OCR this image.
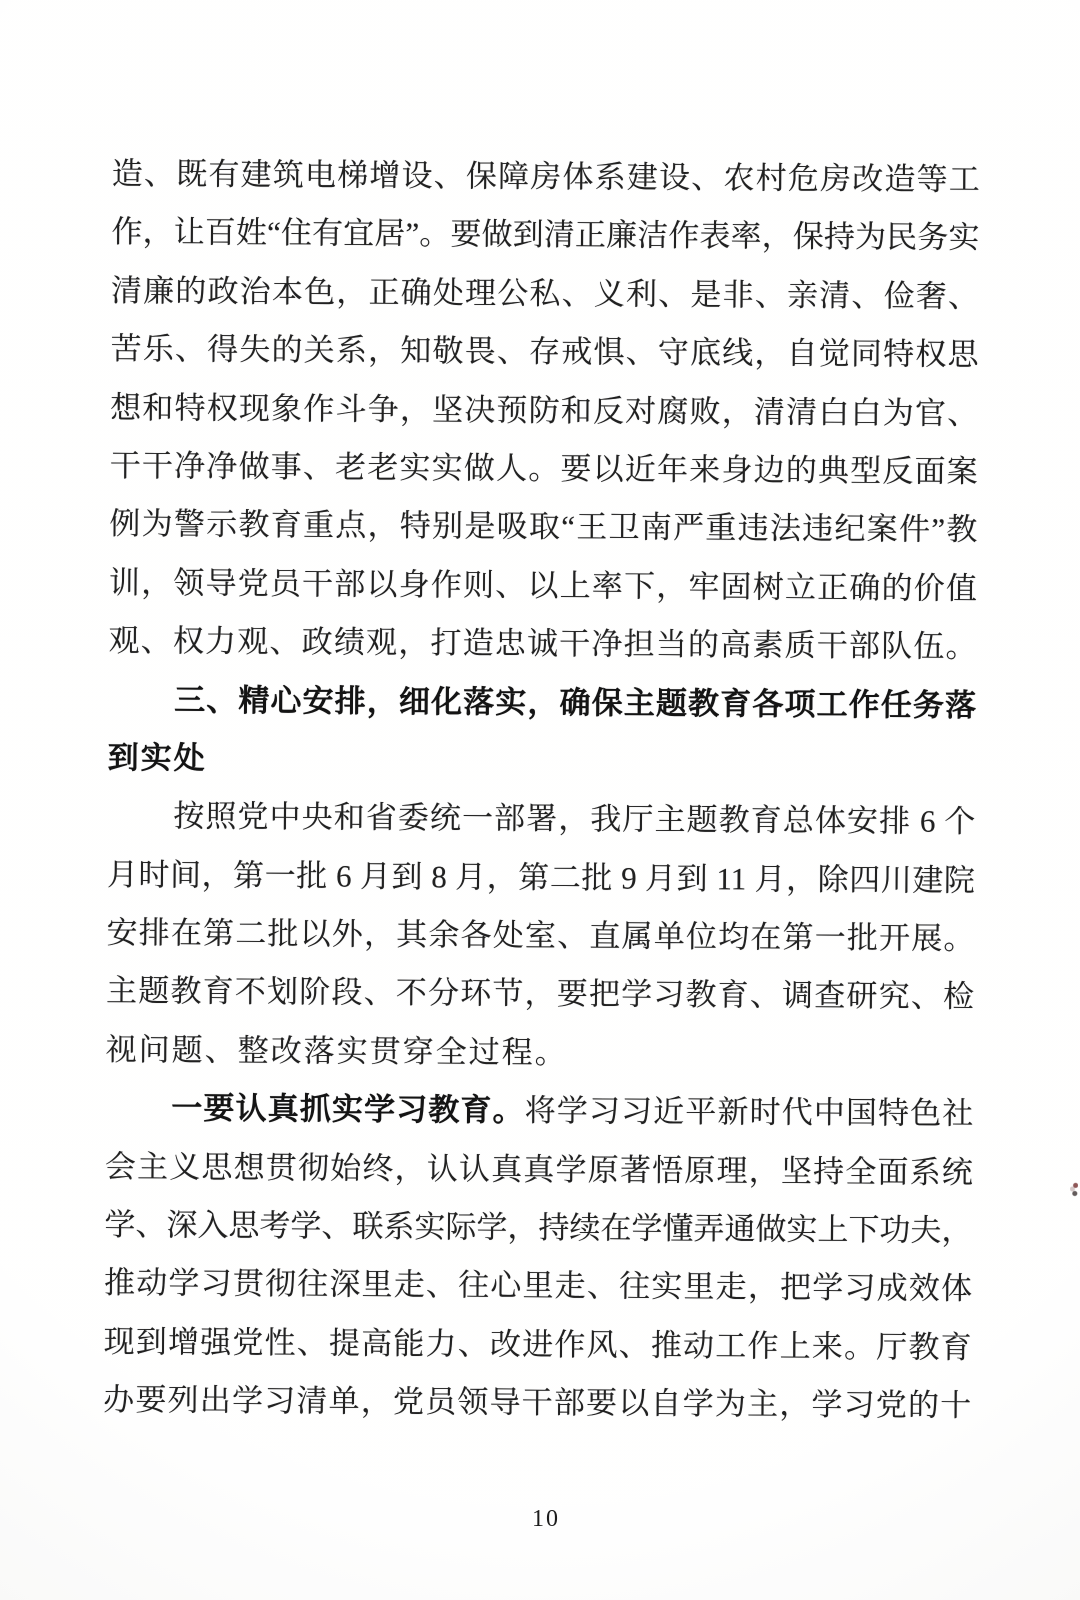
造、既有建筑电梯增设、保障房体系建设、农村危房改造等工
作，让百姓“住有宜居”。要做到清正廉洁作表率，保持为民务实
清廉的政治本色，正确处理公私、义利、是非、亲清、俭奢、
苦乐、得失的关系，知敬畏、存戒惧、守底线，自觉同特权思
想和特权现象作斗争，坚决预防和反对腐败，清清白白为官、
干干净净做事、老老实实做人。要以近年来身边的典型反面案
例为警示教育重点，特别是吸取“王卫南严重违法违纪案件”教
训，领导党员干部以身作则、以上率下，牢固树立正确的价值
观、权力观、政绩观，打造忠诚干净担当的高素质干部队伍。
三、精心安排，细化落实，确保主题教育各项工作任务落
到实处
按照党中央和省委统一部署，我厅主题教育总体安排 6 个
月时间，第一批 6 月到 8 月，第二批 9 月到 11 月，除四川建院
安排在第二批以外，其余各处室、直属单位均在第一批开展。
主题教育不划阶段、不分环节，要把学习教育、调查研究、检
视问题、整改落实贯穿全过程。
一要认真抓实学习教育。将学习习近平新时代中国特色社
会主义思想贯彻始终，认认真真学原著悟原理，坚持全面系统
学、深入思考学、联系实际学，持续在学懂弄通做实上下功夫，
推动学习贯彻往深里走、往心里走、往实里走，把学习成效体
现到增强党性、提高能力、改进作风、推动工作上来。厅教育
办要列出学习清单，党员领导干部要以自学为主，学习党的十
10
